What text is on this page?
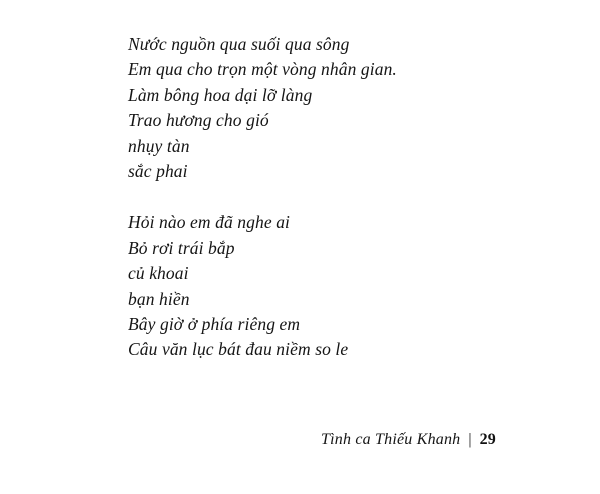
Nước nguồn qua suối qua sông
Em qua cho trọn một vòng nhân gian.
Làm bông hoa dại lỡ làng
Trao hương cho gió
nhụy tàn
sắc phai
Hỏi nào em đã nghe ai
Bỏ rơi trái bắp
củ khoai
bạn hiền
Bây giờ ở phía riêng em
Câu văn lục bát đau niềm so le
Tình ca Thiếu Khanh | 29
